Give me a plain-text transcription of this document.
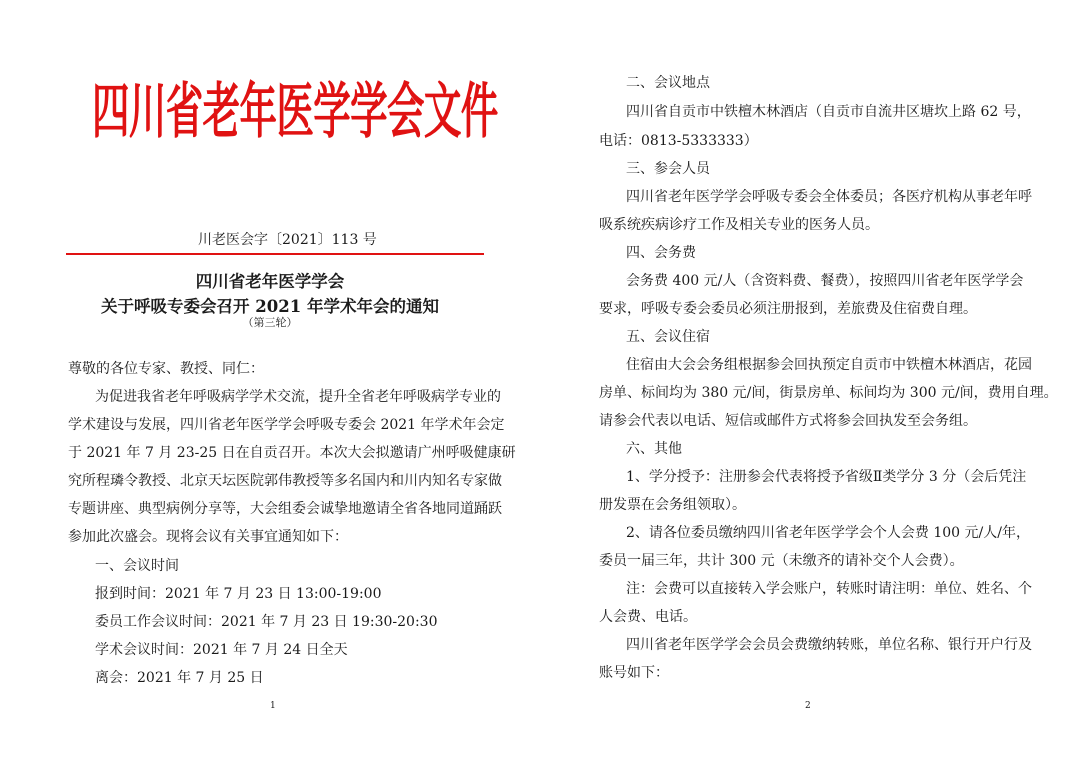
四川省老年医学学会文件
川老医会字〔2021〕113 号
四川省老年医学学会
关于呼吸专委会召开 2021 年学术年会的通知
（第三轮）
尊敬的各位专家、教授、同仁：
为促进我省老年呼吸病学学术交流，提升全省老年呼吸病学专业的
学术建设与发展，四川省老年医学学会呼吸专委会 2021 年学术年会定
于 2021 年 7 月 23-25 日在自贡召开。本次大会拟邀请广州呼吸健康研
究所程璘令教授、北京天坛医院郭伟教授等多名国内和川内知名专家做
专题讲座、典型病例分享等，大会组委会诚挚地邀请全省各地同道踊跃
参加此次盛会。现将会议有关事宜通知如下：
一、会议时间
报到时间：2021 年 7 月 23 日 13:00-19:00
委员工作会议时间：2021 年 7 月 23 日 19:30-20:30
学术会议时间：2021 年 7 月 24 日全天
离会：2021 年 7 月 25 日
1
二、会议地点
四川省自贡市中铁檀木林酒店（自贡市自流井区塘坎上路 62 号，
电话：0813-5333333）
三、参会人员
四川省老年医学学会呼吸专委会全体委员；各医疗机构从事老年呼
吸系统疾病诊疗工作及相关专业的医务人员。
四、会务费
会务费 400 元/人（含资料费、餐费），按照四川省老年医学学会
要求，呼吸专委会委员必须注册报到，差旅费及住宿费自理。
五、会议住宿
住宿由大会会务组根据参会回执预定自贡市中铁檀木林酒店，花园
房单、标间均为 380 元/间，街景房单、标间均为 300 元/间，费用自理。
请参会代表以电话、短信或邮件方式将参会回执发至会务组。
六、其他
1、学分授予：注册参会代表将授予省级Ⅱ类学分 3 分（会后凭注
册发票在会务组领取）。
2、请各位委员缴纳四川省老年医学学会个人会费 100 元/人/年，
委员一届三年，共计 300 元（未缴齐的请补交个人会费）。
注：会费可以直接转入学会账户，转账时请注明：单位、姓名、个
人会费、电话。
四川省老年医学学会会员会费缴纳转账，单位名称、银行开户行及
账号如下：
2
